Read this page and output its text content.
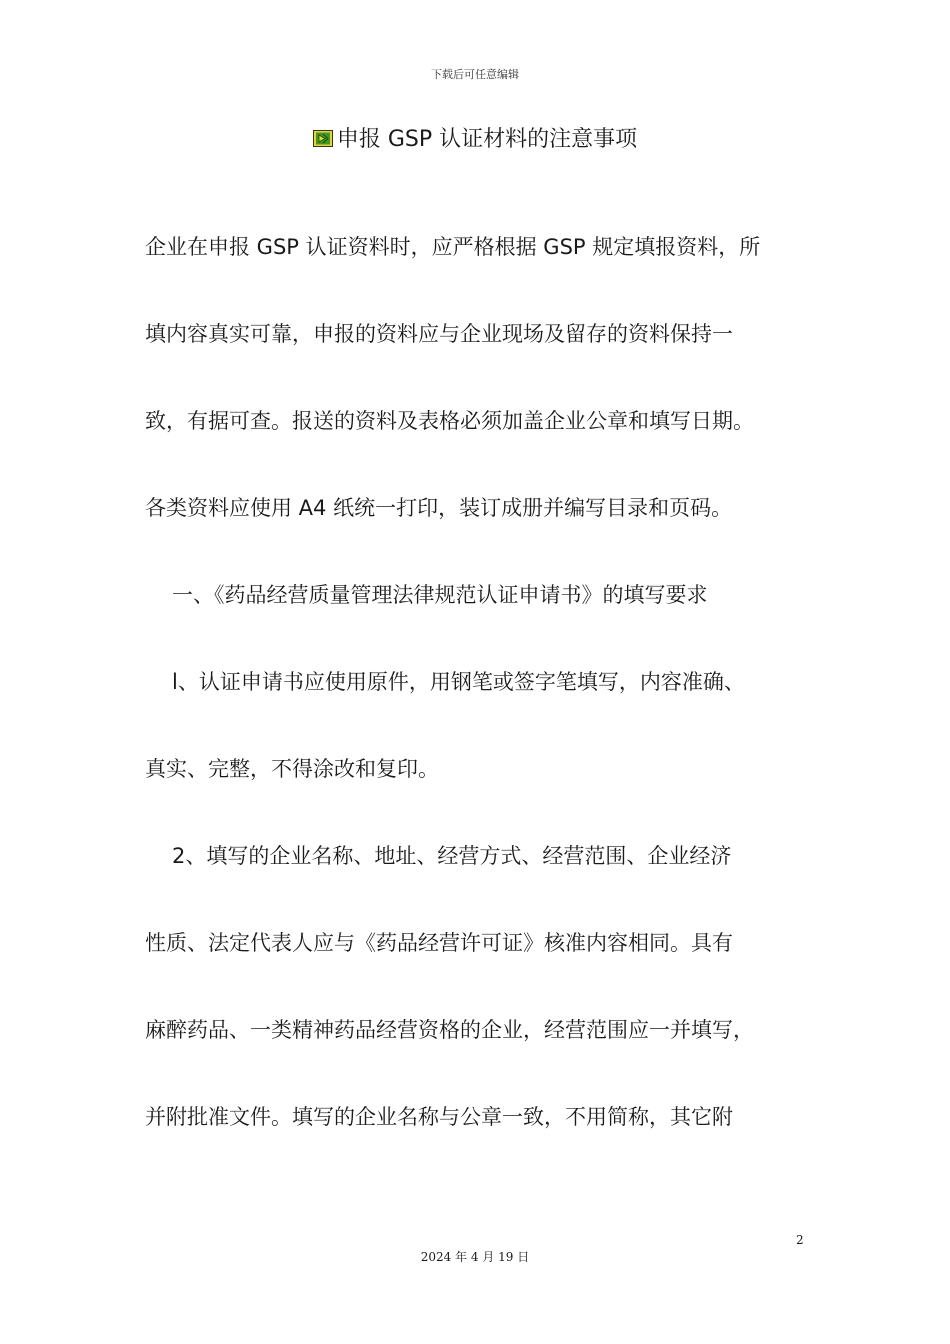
下载后可任意编辑
申报 GSP 认证材料的注意事项
企业在申报 GSP 认证资料时，应严格根据 GSP 规定填报资料，所
填内容真实可靠，申报的资料应与企业现场及留存的资料保持一
致，有据可查。报送的资料及表格必须加盖企业公章和填写日期。
各类资料应使用 A4 纸统一打印，装订成册并编写目录和页码。
一、《药品经营质量管理法律规范认证申请书》的填写要求
l、认证申请书应使用原件，用钢笔或签字笔填写，内容准确、
真实、完整，不得涂改和复印。
2、填写的企业名称、地址、经营方式、经营范围、企业经济
性质、法定代表人应与《药品经营许可证》核准内容相同。具有
麻醉药品、一类精神药品经营资格的企业，经营范围应一并填写，
并附批准文件。填写的企业名称与公章一致，不用简称，其它附
2
2024 年 4 月 19 日
